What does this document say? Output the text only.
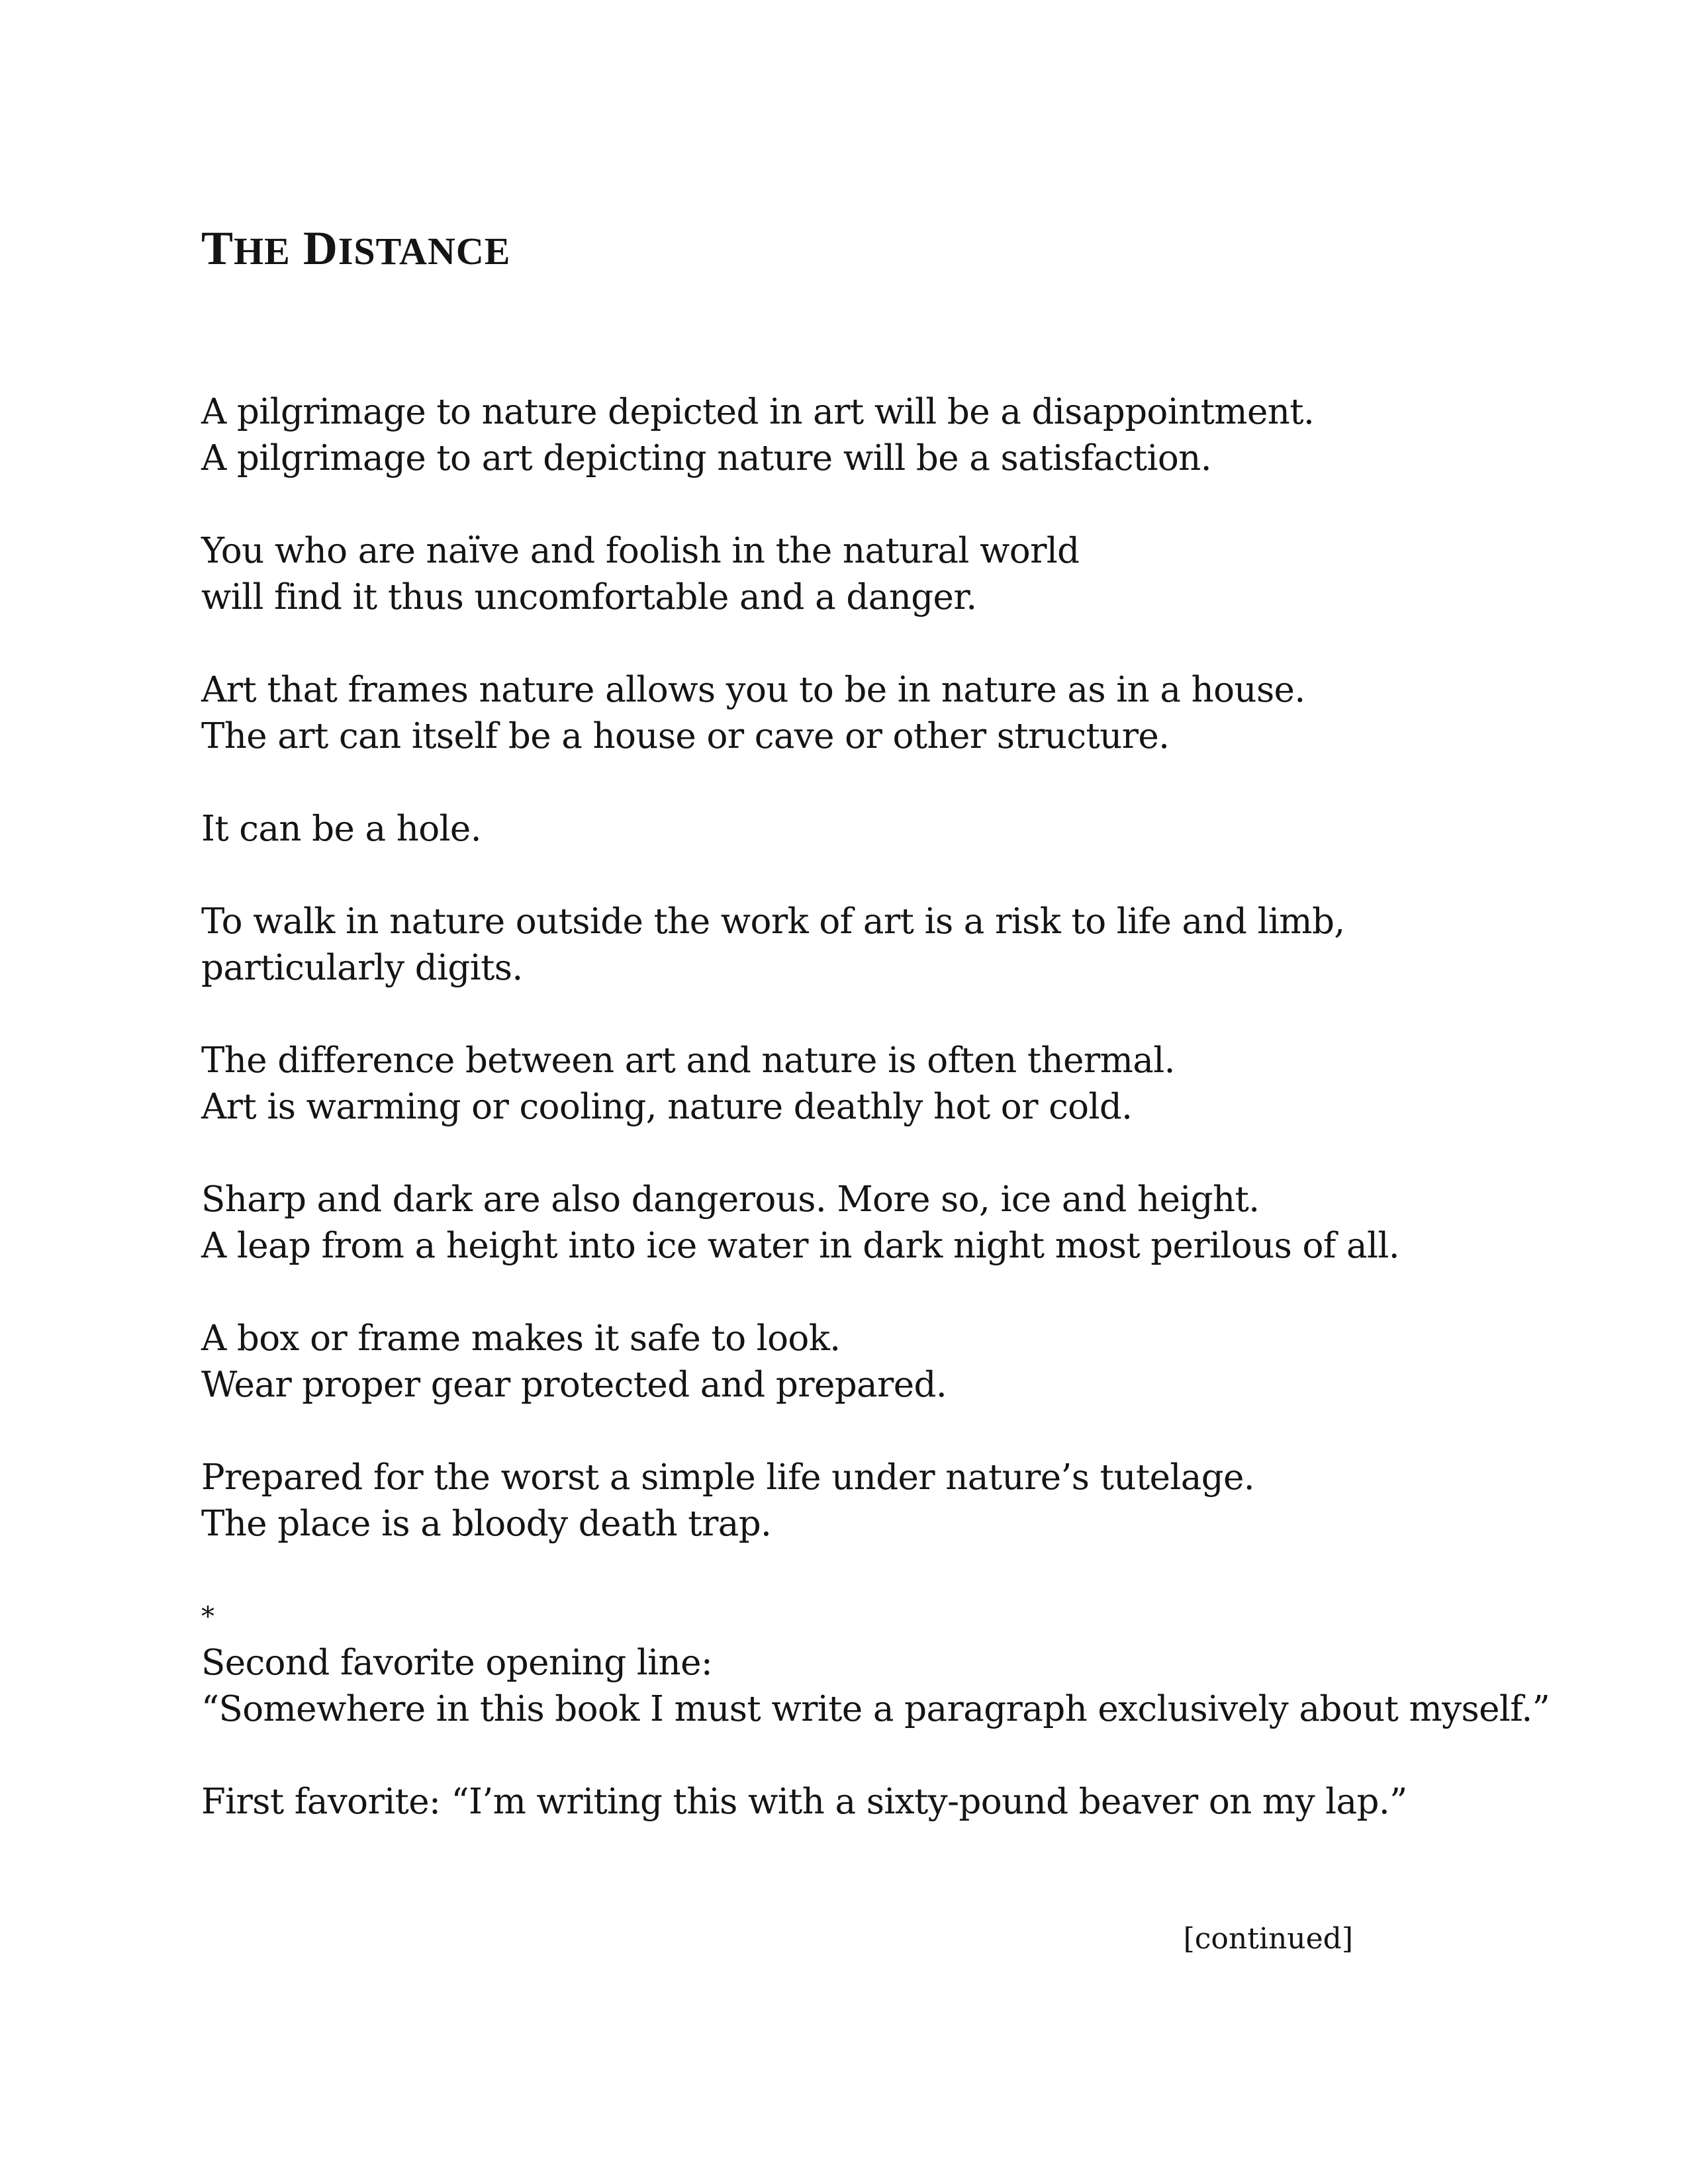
THE DISTANCE

A pilgrimage to nature depicted in art will be a disappointment.
A pilgrimage to art depicting nature will be a satisfaction.

You who are naïve and foolish in the natural world
will find it thus uncomfortable and a danger.

Art that frames nature allows you to be in nature as in a house.
The art can itself be a house or cave or other structure.

It can be a hole.

To walk in nature outside the work of art is a risk to life and limb,
particularly digits.

The difference between art and nature is often thermal.
Art is warming or cooling, nature deathly hot or cold.

Sharp and dark are also dangerous. More so, ice and height.
A leap from a height into ice water in dark night most perilous of all.

A box or frame makes it safe to look.
Wear proper gear protected and prepared.

Prepared for the worst a simple life under nature’s tutelage.
The place is a bloody death trap.

*

Second favorite opening line:
“Somewhere in this book I must write a paragraph exclusively about myself.”

First favorite: “I’m writing this with a sixty-pound beaver on my lap.”

[continued]
